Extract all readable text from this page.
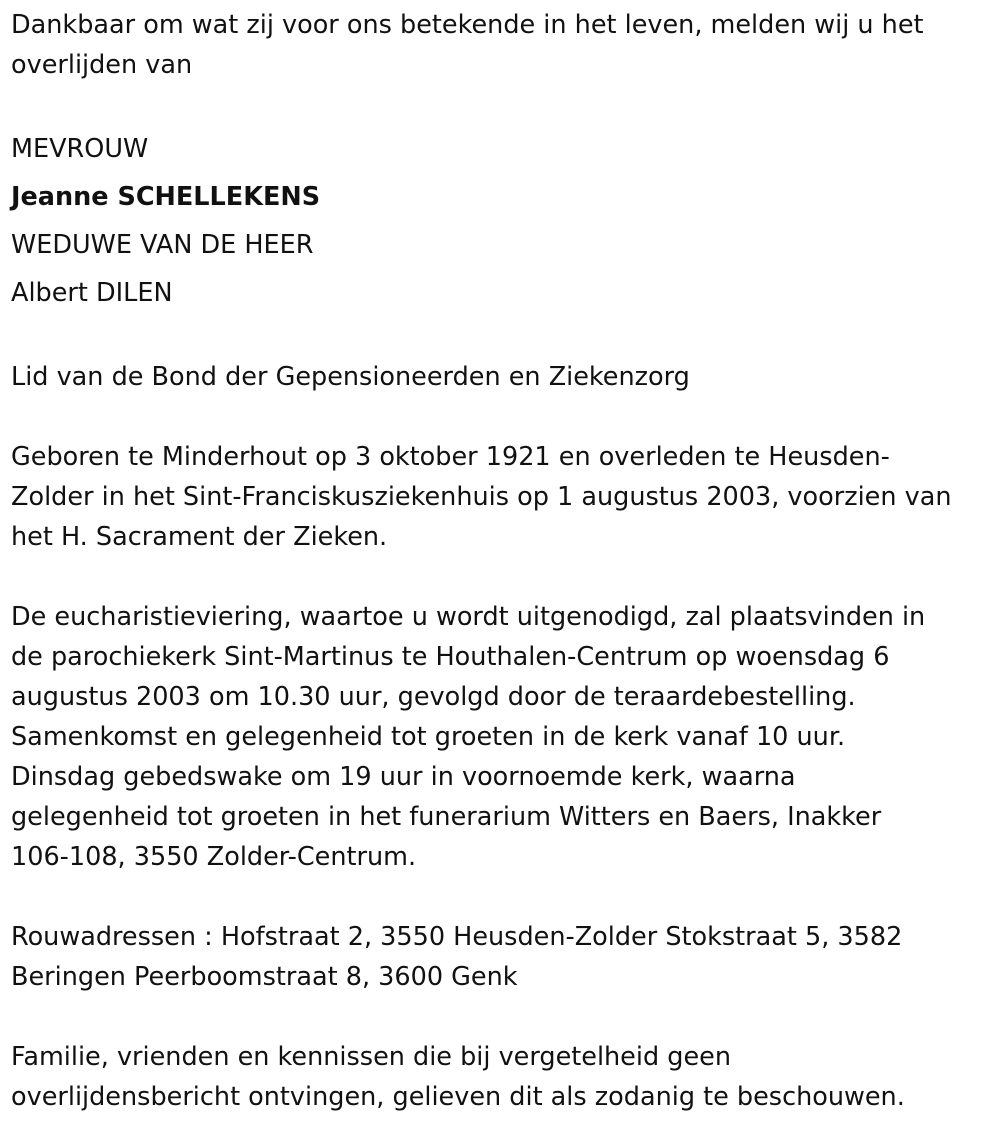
Dankbaar om wat zij voor ons betekende in het leven, melden wij u het

overlijden van

MEVROUW

Jeanne SCHELLEKENS

WEDUWE VAN DE HEER

Albert DILEN

Lid van de Bond der Gepensioneerden en Ziekenzorg

Geboren te Minderhout op 3 oktober 1921 en overleden te Heusden-

Zolder in het Sint-Franciskusziekenhuis op 1 augustus 2003, voorzien van

het H. Sacrament der Zieken.

De eucharistieviering, waartoe u wordt uitgenodigd, zal plaatsvinden in

de parochiekerk Sint-Martinus te Houthalen-Centrum op woensdag 6

augustus 2003 om 10.30 uur, gevolgd door de teraardebestelling.

Samenkomst en gelegenheid tot groeten in de kerk vanaf 10 uur.

Dinsdag gebedswake om 19 uur in voornoemde kerk, waarna

gelegenheid tot groeten in het funerarium Witters en Baers, Inakker

106-108, 3550 Zolder-Centrum.

Rouwadressen : Hofstraat 2, 3550 Heusden-Zolder Stokstraat 5, 3582

Beringen Peerboomstraat 8, 3600 Genk

Familie, vrienden en kennissen die bij vergetelheid geen

overlijdensbericht ontvingen, gelieven dit als zodanig te beschouwen.
